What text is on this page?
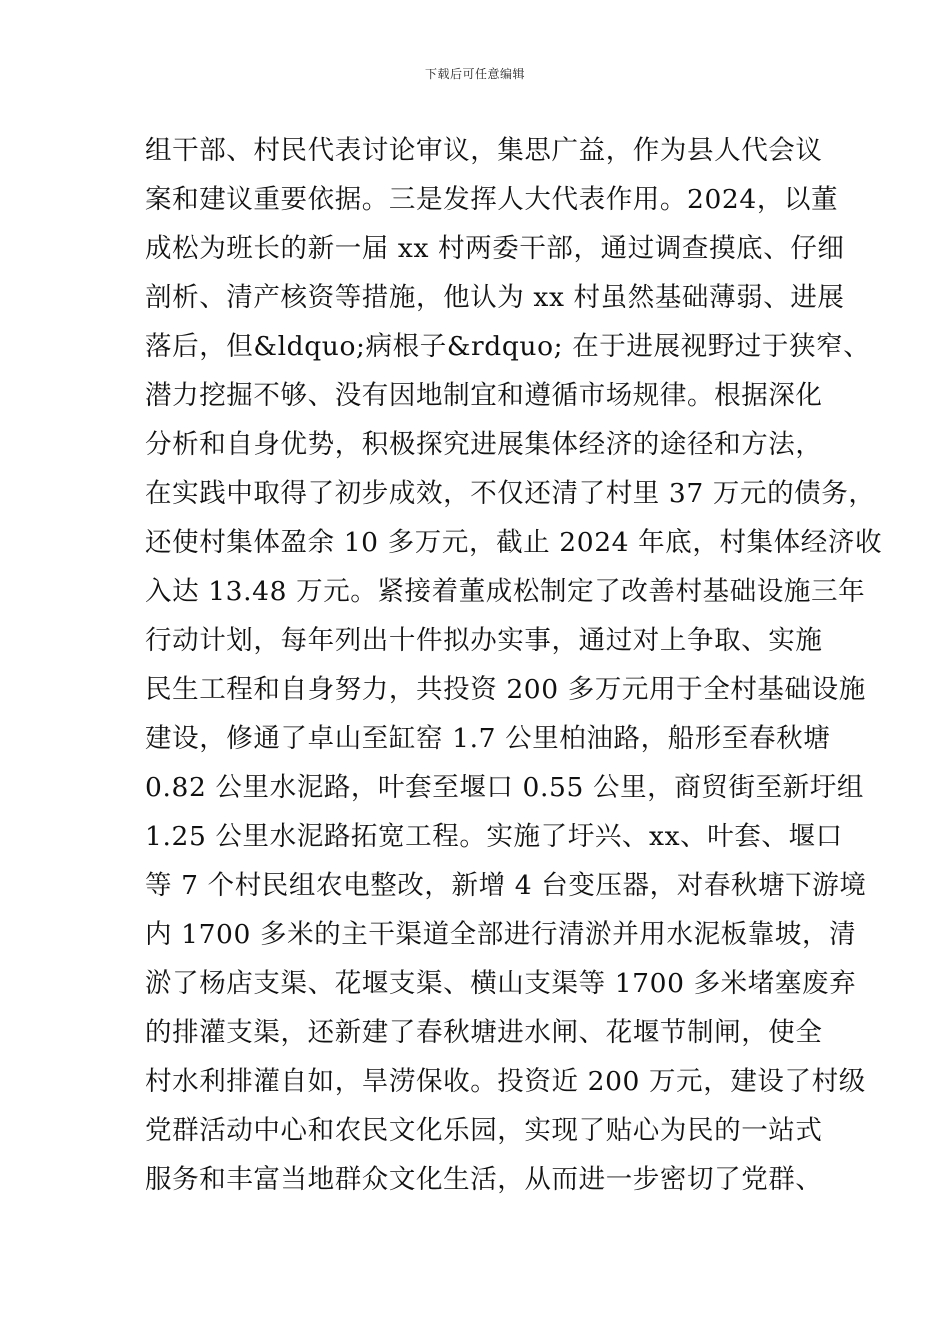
下载后可任意编辑
组干部、村民代表讨论审议，集思广益，作为县人代会议
案和建议重要依据。三是发挥人大代表作用。2024，以董
成松为班长的新一届 xx 村两委干部，通过调查摸底、仔细
剖析、清产核资等措施，他认为 xx 村虽然基础薄弱、进展
落后，但&ldquo;病根子&rdquo; 在于进展视野过于狭窄、
潜力挖掘不够、没有因地制宜和遵循市场规律。根据深化
分析和自身优势，积极探究进展集体经济的途径和方法，
在实践中取得了初步成效，不仅还清了村里 37 万元的债务，
还使村集体盈余 10 多万元，截止 2024 年底，村集体经济收
入达 13.48 万元。紧接着董成松制定了改善村基础设施三年
行动计划，每年列出十件拟办实事，通过对上争取、实施
民生工程和自身努力，共投资 200 多万元用于全村基础设施
建设，修通了卓山至缸窑 1.7 公里柏油路，船形至春秋塘
0.82 公里水泥路，叶套至堰口 0.55 公里，商贸街至新圩组
1.25 公里水泥路拓宽工程。实施了圩兴、xx、叶套、堰口
等 7 个村民组农电整改，新增 4 台变压器，对春秋塘下游境
内 1700 多米的主干渠道全部进行清淤并用水泥板靠坡，清
淤了杨店支渠、花堰支渠、横山支渠等 1700 多米堵塞废弃
的排灌支渠，还新建了春秋塘进水闸、花堰节制闸，使全
村水利排灌自如，旱涝保收。投资近 200 万元，建设了村级
党群活动中心和农民文化乐园，实现了贴心为民的一站式
服务和丰富当地群众文化生活，从而进一步密切了党群、
